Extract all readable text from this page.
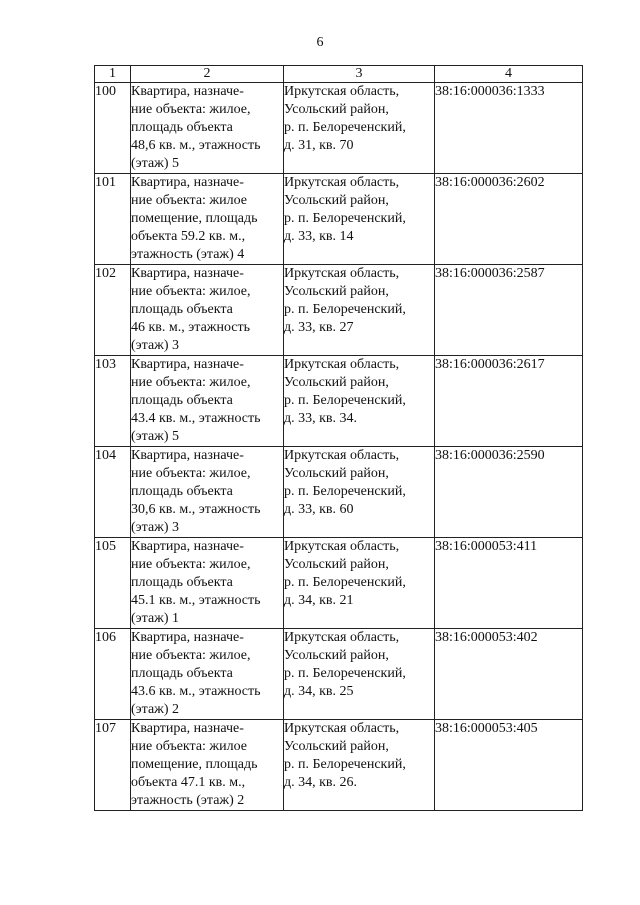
6
1	2	3	4
100	Квартира, назначе-
ние объекта: жилое,
площадь объекта
48,6 кв. м., этажность
(этаж) 5	Иркутская область,
Усольский район,
р. п. Белореченский,
д. 31, кв. 70	38:16:000036:1333
101	Квартира, назначе-
ние объекта: жилое
помещение, площадь
объекта 59.2 кв. м.,
этажность (этаж) 4	Иркутская область,
Усольский район,
р. п. Белореченский,
д. 33, кв. 14	38:16:000036:2602
102	Квартира, назначе-
ние объекта: жилое,
площадь объекта
46 кв. м., этажность
(этаж) 3	Иркутская область,
Усольский район,
р. п. Белореченский,
д. 33, кв. 27	38:16:000036:2587
103	Квартира, назначе-
ние объекта: жилое,
площадь объекта
43.4 кв. м., этажность
(этаж) 5	Иркутская область,
Усольский район,
р. п. Белореченский,
д. 33, кв. 34.	38:16:000036:2617
104	Квартира, назначе-
ние объекта: жилое,
площадь объекта
30,6 кв. м., этажность
(этаж) 3	Иркутская область,
Усольский район,
р. п. Белореченский,
д. 33, кв. 60	38:16:000036:2590
105	Квартира, назначе-
ние объекта: жилое,
площадь объекта
45.1 кв. м., этажность
(этаж) 1	Иркутская область,
Усольский район,
р. п. Белореченский,
д. 34, кв. 21	38:16:000053:411
106	Квартира, назначе-
ние объекта: жилое,
площадь объекта
43.6 кв. м., этажность
(этаж) 2	Иркутская область,
Усольский район,
р. п. Белореченский,
д. 34, кв. 25	38:16:000053:402
107	Квартира, назначе-
ние объекта: жилое
помещение, площадь
объекта 47.1 кв. м.,
этажность (этаж) 2	Иркутская область,
Усольский район,
р. п. Белореченский,
д. 34, кв. 26.	38:16:000053:405
